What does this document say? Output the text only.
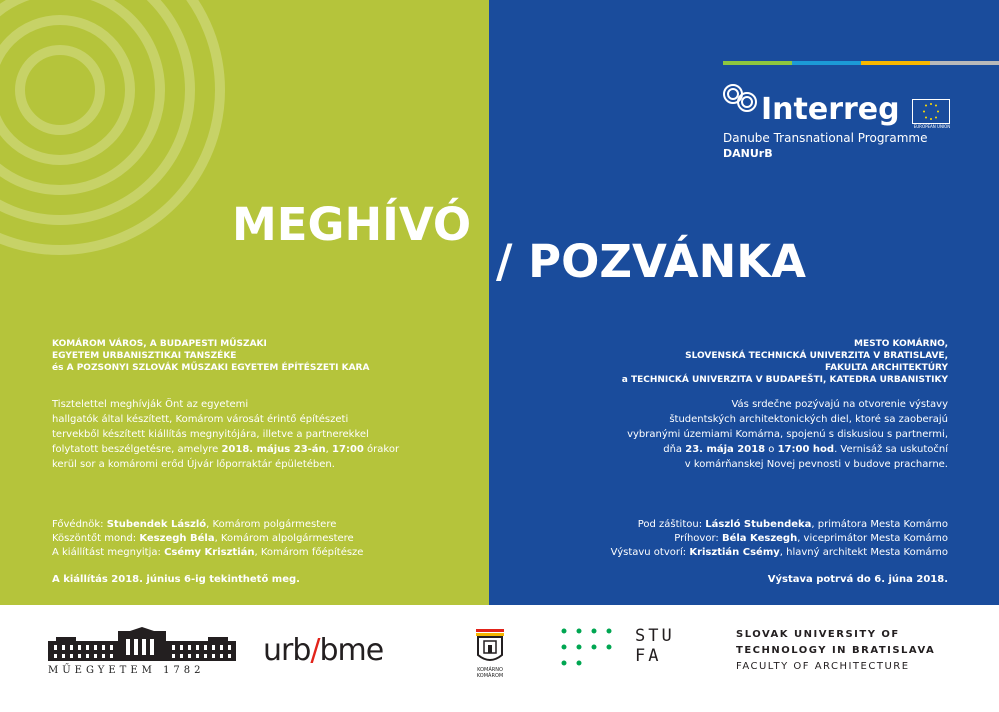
MEGHÍVÓ
/ POZVÁNKA
Interreg	EUROPEAN UNION
Danube Transnational Programme
DANUrB
KOMÁROM VÁROS, A BUDAPESTI MŰSZAKI
EGYETEM URBANISZTIKAI TANSZÉKE
és A POZSONYI SZLOVÁK MŰSZAKI EGYETEM ÉPÍTÉSZETI KARA
Tisztelettel meghívják Önt az egyetemi
hallgatók által készített, Komárom városát érintő építészeti
tervekből készített kiállítás megnyitójára, illetve a partnerekkel
folytatott beszélgetésre, amelyre 2018. május 23-án, 17:00 órakor
kerül sor a komáromi erőd Újvár lőporraktár épületében.
Fővédnök: Stubendek László, Komárom polgármestere
Köszöntőt mond: Keszegh Béla, Komárom alpolgármestere
A kiállítást megnyitja: Csémy Krisztián, Komárom főépítésze
A kiállítás 2018. június 6-ig tekinthető meg.
MESTO KOMÁRNO,
SLOVENSKÁ TECHNICKÁ UNIVERZITA V BRATISLAVE,
FAKULTA ARCHITEKTÚRY
a TECHNICKÁ UNIVERZITA V BUDAPEŠTI, KATEDRA URBANISTIKY
Vás srdečne pozývajú na otvorenie výstavy
študentských architektonických diel, ktoré sa zaoberajú
vybranými územiami Komárna, spojenú s diskusiou s partnermi,
dňa 23. mája 2018 o 17:00 hod. Vernisáž sa uskutoční
v komárňanskej Novej pevnosti v budove pracharne.
Pod záštitou: László Stubendeka, primátora Mesta Komárno
Príhovor: Béla Keszegh, viceprimátor Mesta Komárno
Výstavu otvorí: Krisztián Csémy, hlavný architekt Mesta Komárno
Výstava potrvá do 6. júna 2018.
MŰEGYETEM 1782
urb/bme
KOMÁRNO
KOMÁROM
STU
FA
SLOVAK UNIVERSITY OF
TECHNOLOGY IN BRATISLAVA
FACULTY OF ARCHITECTURE
